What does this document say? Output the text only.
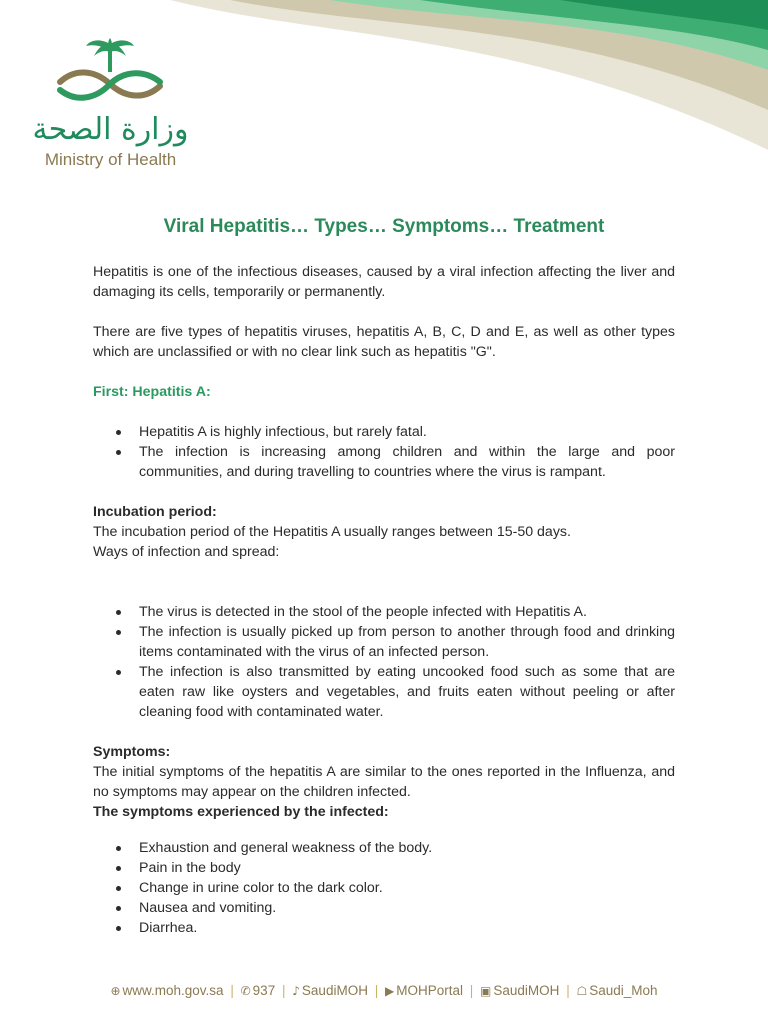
وزارة الصحة
Ministry of Health
Viral Hepatitis… Types… Symptoms… Treatment

Hepatitis is one of the infectious diseases, caused by a viral infection affecting the liver and damaging its cells, temporarily or permanently.

There are five types of hepatitis viruses, hepatitis A, B, C, D and E, as well as other types which are unclassified or with no clear link such as hepatitis "G".

First: Hepatitis A:

Hepatitis A is highly infectious, but rarely fatal.
The infection is increasing among children and within the large and poor communities, and during travelling to countries where the virus is rampant.

Incubation period:

The incubation period of the Hepatitis A usually ranges between 15-50 days.

Ways of infection and spread:

The virus is detected in the stool of the people infected with Hepatitis A.
The infection is usually picked up from person to another through food and drinking items contaminated with the virus of an infected person.
The infection is also transmitted by eating uncooked food such as some that are eaten raw like oysters and vegetables, and fruits eaten without peeling or after cleaning food with contaminated water.

Symptoms:

The initial symptoms of the hepatitis A are similar to the ones reported in the Influenza, and no symptoms may appear on the children infected.

The symptoms experienced by the infected:

Exhaustion and general weakness of the body.
Pain in the body
Change in urine color to the dark color.
Nausea and vomiting.
Diarrhea.
⊕ www.moh.gov.sa | ✆ 937 | ♪ SaudiMOH | ▶ MOHPortal | ▣ SaudiMOH | ☖ Saudi_Moh
